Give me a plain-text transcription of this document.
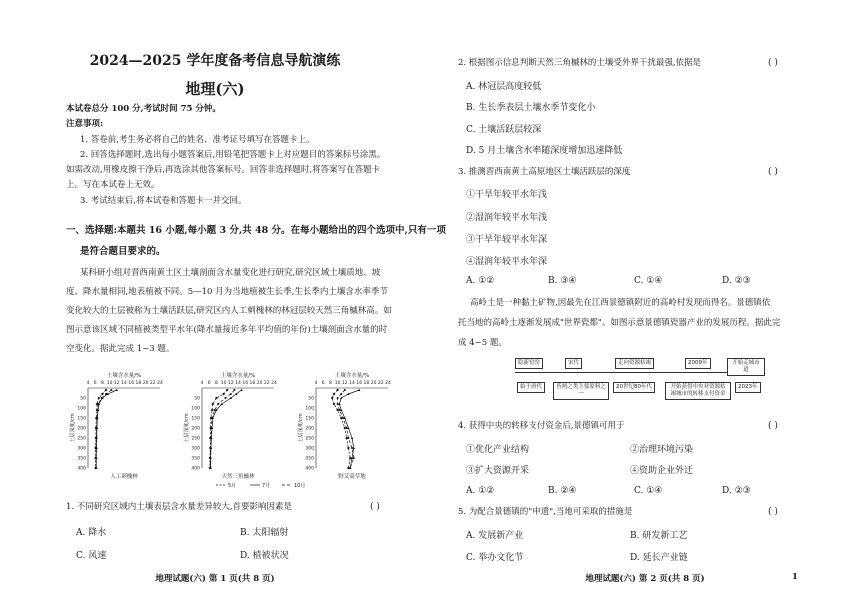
2024—2025 学年度备考信息导航演练
地理(六)
本试卷总分 100 分,考试时间 75 分钟。
注意事项:
1. 答卷前,考生务必将自己的姓名、准考证号填写在答题卡上。
2. 回答选择题时,选出每小题答案后,用铅笔把答题卡上对应题目的答案标号涂黑。
如需改动,用橡皮擦干净后,再选涂其他答案标号。回答非选择题时,将答案写在答题卡
上。写在本试卷上无效。
3. 考试结束后,将本试卷和答题卡一并交回。
一、选择题:本题共 16 小题,每小题 3 分,共 48 分。在每小题给出的四个选项中,只有一项
是符合题目要求的。
某科研小组对晋西南黄土区土壤剖面含水量变化进行研究,研究区域土壤质地、坡
度、降水量相同,地表植被不同。5—10 月为当地植被生长季,生长季内土壤含水率季节
变化较大的土层被称为土壤活跃层,研究区内人工刺槐林的林冠层较天然三角槭林高。如
图示意该区域不同植被类型平水年(降水量接近多年平均值的年份)土壤剖面含水量的时
空变化。据此完成 1~3 题。
土壤含水量/%
4 6 8 10 12 14 16 18 20 22 24
50
100
150
200
250
300
350
400
土层深度/cm
人工刺槐林
土壤含水量/%
4 6 8 10 12 14 16 18 20 22 24
50
100
150
200
250
300
350
400
土层深度/cm
天然三角槭林
土壤含水量/%
4 6 8 10 12 14 16 18 20 22 24
50
100
150
200
250
300
350
400
土层深度/cm
野艾蒿草地
5月	7月	10月
1. 不同研究区域内土壤表层含水量差异较大,首要影响因素是	( )
A. 降水	B. 太阳辐射
C. 风速	D. 植被状况
地理试题(六) 第 1 页(共 8 页)
2. 根据图示信息判断天然三角槭林的土壤受外界干扰最强,依据是	( )
A. 林冠层高度较低
B. 生长季表层土壤水季节变化小
C. 土壤活跃层较深
D. 5 月土壤含水率随深度增加迅速降低
3. 推测晋西南黄土高原地区土壤活跃层的深度	( )
①干旱年较平水年浅
②湿润年较平水年浅
③干旱年较平水年深
④湿润年较平水年深
A. ①②	B. ③④	C. ①④	D. ②③
高岭土是一种黏土矿物,因最先在江西景德镇附近的高岭村发现而得名。景德镇依
托当地的高岭土逐渐发展成"世界瓷都"。如图示意景德镇瓷器产业的发展历程。据此完
成 4~5 题。
隐新窑窑	宋代	走向资源枯竭	2009年	开始走城市道
始于唐代	皆两之类主要原料之一
20世纪80年代	开始获得中央对资源枯竭城市的转移支付资金
2023年
4. 获得中央的转移支付资金后,景德镇可用于	( )
①优化产业结构	②治理环境污染
③扩大资源开采	④资助企业外迁
A. ①②	B. ②④	C. ①④	D. ②③
5. 为配合景德镇的"申遗",当地可采取的措施是	( )
A. 发展新产业	B. 研发新工艺
C. 举办文化节	D. 延长产业链
地理试题(六) 第 2 页(共 8 页)	1
